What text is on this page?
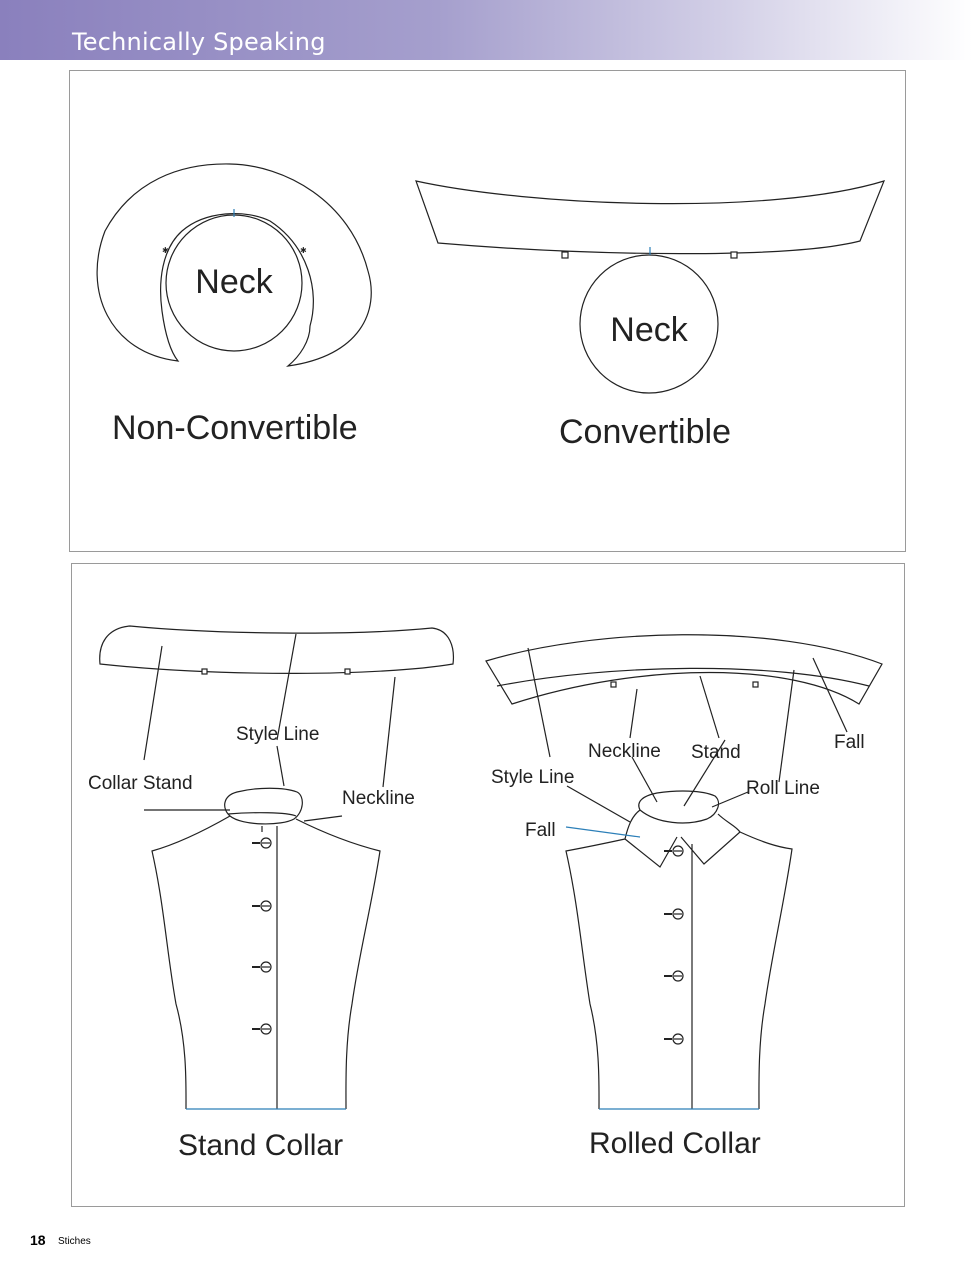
Technically Speaking
✱	✱
Neck
Non-Convertible
Neck
Convertible
Style Line
Collar Stand
Neckline
Stand Collar
Neckline Stand	Fall
Style Line
Roll Line
Fall
Rolled Collar
18 Stiches
